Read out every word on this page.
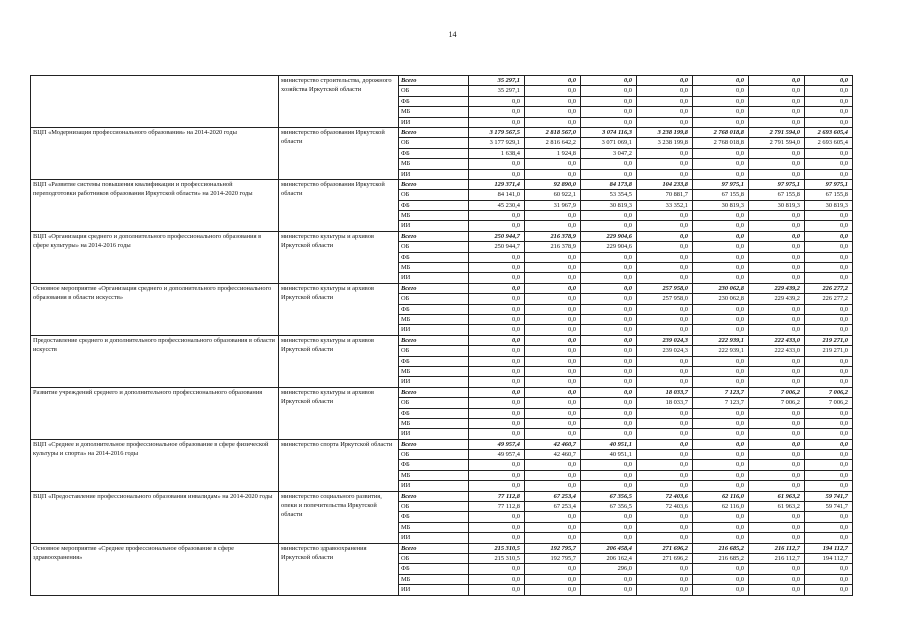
14
	министерство строительства, дорожного хозяйства Иркутской области	Всего	35 297,1	0,0	0,0	0,0	0,0	0,0	0,0
		ОБ	35 297,1	0,0	0,0	0,0	0,0	0,0	0,0
		ФБ	0,0	0,0	0,0	0,0	0,0	0,0	0,0
		МБ	0,0	0,0	0,0	0,0	0,0	0,0	0,0
		ИИ	0,0	0,0	0,0	0,0	0,0	0,0	0,0
ВЦП «Модернизация профессионального образования» на 2014-2020 годы	министерство образования Иркутской области	Всего	3 179 567,5	2 818 567,0	3 074 116,3	3 238 199,8	2 768 018,8	2 791 594,0	2 693 605,4
		ОБ	3 177 929,1	2 816 642,2	3 071 069,1	3 238 199,8	2 768 018,8	2 791 594,0	2 693 605,4
		ФБ	1 638,4	1 924,8	3 047,2	0,0	0,0	0,0	0,0
		МБ	0,0	0,0	0,0	0,0	0,0	0,0	0,0
		ИИ	0,0	0,0	0,0	0,0	0,0	0,0	0,0
ВЦП «Развитие системы повышения квалификации и профессиональной переподготовки работников образования Иркутской области» на 2014-2020 годы	министерство образования Иркутской области	Всего	129 371,4	92 890,0	84 173,8	104 233,8	97 975,1	97 975,1	97 975,1
		ОБ	84 141,0	60 922,1	53 354,5	70 881,7	67 155,8	67 155,8	67 155,8
		ФБ	45 230,4	31 967,9	30 819,3	33 352,1	30 819,3	30 819,3	30 819,3
		МБ	0,0	0,0	0,0	0,0	0,0	0,0	0,0
		ИИ	0,0	0,0	0,0	0,0	0,0	0,0	0,0
ВЦП «Организация среднего и дополнительного профессионального образования в сфере культуры» на 2014-2016 годы	министерство культуры и архивов Иркутской области	Всего	250 944,7	216 378,9	229 904,6	0,0	0,0	0,0	0,0
		ОБ	250 944,7	216 378,9	229 904,6	0,0	0,0	0,0	0,0
		ФБ	0,0	0,0	0,0	0,0	0,0	0,0	0,0
		МБ	0,0	0,0	0,0	0,0	0,0	0,0	0,0
		ИИ	0,0	0,0	0,0	0,0	0,0	0,0	0,0
Основное мероприятие «Организация среднего и дополнительного профессионального образования в области искусств»	министерство культуры и архивов Иркутской области	Всего	0,0	0,0	0,0	257 958,0	230 062,8	229 439,2	226 277,2
		ОБ	0,0	0,0	0,0	257 958,0	230 062,8	229 439,2	226 277,2
		ФБ	0,0	0,0	0,0	0,0	0,0	0,0	0,0
		МБ	0,0	0,0	0,0	0,0	0,0	0,0	0,0
		ИИ	0,0	0,0	0,0	0,0	0,0	0,0	0,0
Предоставление среднего и дополнительного профессионального образования в области искусств	министерство культуры и архивов Иркутской области	Всего	0,0	0,0	0,0	239 024,3	222 939,1	222 433,0	219 271,0
		ОБ	0,0	0,0	0,0	239 024,3	222 939,1	222 433,0	219 271,0
		ФБ	0,0	0,0	0,0	0,0	0,0	0,0	0,0
		МБ	0,0	0,0	0,0	0,0	0,0	0,0	0,0
		ИИ	0,0	0,0	0,0	0,0	0,0	0,0	0,0
Развитие учреждений среднего и дополнительного профессионального образования	министерство культуры и архивов Иркутской области	Всего	0,0	0,0	0,0	18 033,7	7 123,7	7 006,2	7 006,2
		ОБ	0,0	0,0	0,0	18 033,7	7 123,7	7 006,2	7 006,2
		ФБ	0,0	0,0	0,0	0,0	0,0	0,0	0,0
		МБ	0,0	0,0	0,0	0,0	0,0	0,0	0,0
		ИИ	0,0	0,0	0,0	0,0	0,0	0,0	0,0
ВЦП «Среднее и дополнительное профессиональное образование в сфере физической культуры и спорта» на 2014-2016 годы	министерство спорта Иркутской области	Всего	49 957,4	42 460,7	40 951,1	0,0	0,0	0,0	0,0
		ОБ	49 957,4	42 460,7	40 951,1	0,0	0,0	0,0	0,0
		ФБ	0,0	0,0	0,0	0,0	0,0	0,0	0,0
		МБ	0,0	0,0	0,0	0,0	0,0	0,0	0,0
		ИИ	0,0	0,0	0,0	0,0	0,0	0,0	0,0
ВЦП «Предоставление профессионального образования инвалидам» на 2014-2020 годы	министерство социального развития, опеки и попечительства Иркутской области	Всего	77 112,8	67 253,4	67 356,5	72 403,6	62 116,0	61 963,2	59 741,7
		ОБ	77 112,8	67 253,4	67 356,5	72 403,6	62 116,0	61 963,2	59 741,7
		ФБ	0,0	0,0	0,0	0,0	0,0	0,0	0,0
		МБ	0,0	0,0	0,0	0,0	0,0	0,0	0,0
		ИИ	0,0	0,0	0,0	0,0	0,0	0,0	0,0
Основное мероприятие «Среднее профессиональное образование в сфере здравоохранения»	министерство здравоохранения Иркутской области	Всего	215 310,5	192 795,7	206 458,4	271 696,2	216 685,2	216 112,7	194 112,7
		ОБ	215 310,5	192 795,7	206 162,4	271 696,2	216 685,2	216 112,7	194 112,7
		ФБ	0,0	0,0	296,0	0,0	0,0	0,0	0,0
		МБ	0,0	0,0	0,0	0,0	0,0	0,0	0,0
		ИИ	0,0	0,0	0,0	0,0	0,0	0,0	0,0
